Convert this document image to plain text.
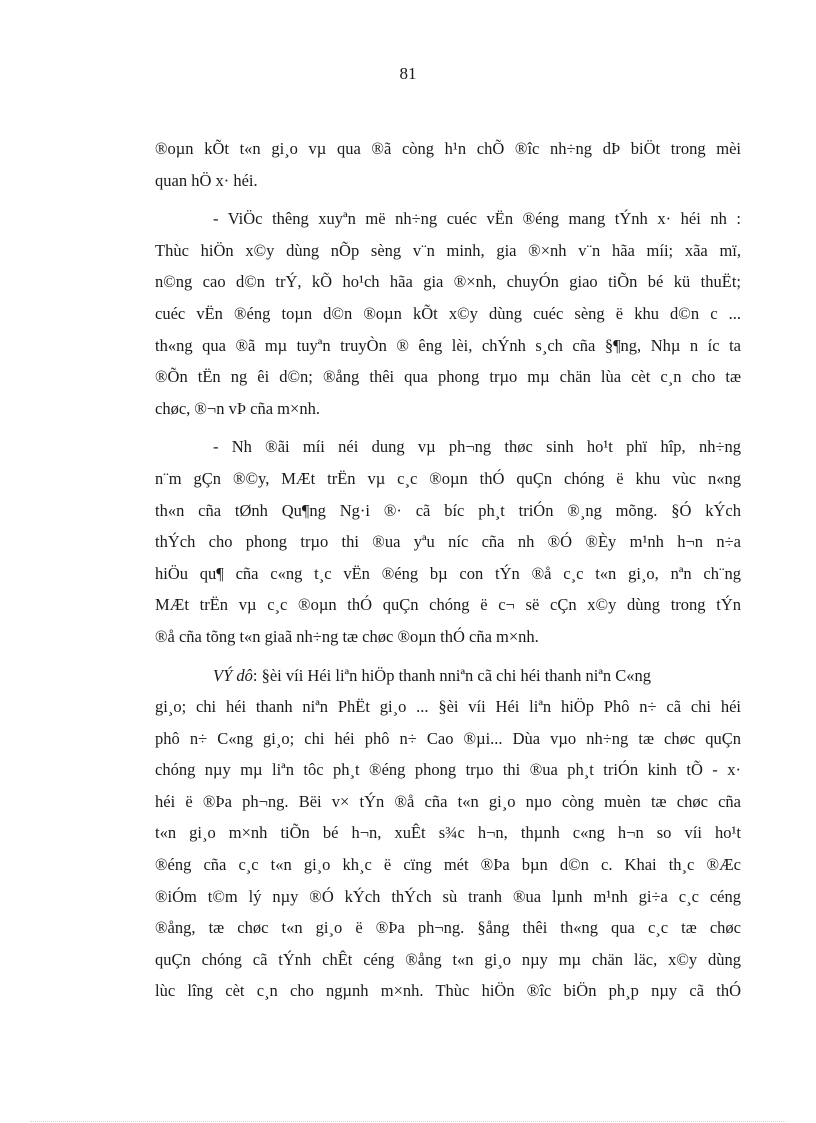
81
®oµn kÕt t«n gi¸o vµ qua ®ã còng h¹n chÕ ®îc nh÷ng dÞ biÖt trong mèi
quan hÖ x· héi.
- ViÖc thêng xuyªn më nh÷ng cuéc vËn ®éng mang tÝnh x· héi nh :
Thùc hiÖn x©y dùng nÕp sèng v¨n minh, gia ®×nh v¨n hãa míi; xãa mï,
n©ng cao d©n trÝ, kÕ ho¹ch hãa gia ®×nh, chuyÓn giao tiÕn bé kü thuËt;
cuéc vËn ®éng toµn d©n ®oµn kÕt x©y dùng cuéc sèng ë khu d©n c ...
th«ng qua ®ã mµ tuyªn truyÒn ® êng lèi, chÝnh s¸ch cña §¶ng, Nhµ n íc ta
®Õn tËn ng êi d©n; ®ång thêi qua phong trµo mµ chän lùa cèt c¸n cho tæ
chøc, ®¬n vÞ cña m×nh.
- Nh ®ãi míi néi dung vµ ph¬ng thøc sinh ho¹t phï hîp, nh÷ng
n¨m gÇn ®©y, MÆt trËn vµ c¸c ®oµn thÓ quÇn chóng ë khu vùc n«ng
th«n cña tØnh Qu¶ng Ng·i ®· cã bíc ph¸t triÓn ®¸ng mõng. §Ó kÝch
thÝch cho phong trµo thi ®ua yªu níc cña nh ®Ó ®Èy m¹nh h¬n n÷a
hiÖu qu¶ cña c«ng t¸c vËn ®éng bµ con tÝn ®å c¸c t«n gi¸o, nªn ch¨ng
MÆt trËn vµ c¸c ®oµn thÓ quÇn chóng ë c¬ së cÇn x©y dùng trong tÝn
®å cña tõng t«n giaã nh÷ng tæ chøc ®oµn thÓ cña m×nh.
VÝ dô: §èi víi Héi liªn hiÖp thanh nniªn cã chi héi thanh niªn C«ng
gi¸o; chi héi thanh niªn PhËt gi¸o ... §èi víi Héi liªn hiÖp Phô n÷ cã chi héi
phô n÷ C«ng gi¸o; chi héi phô n÷ Cao ®µi... Dùa vµo nh÷ng tæ chøc quÇn
chóng nµy mµ liªn tôc ph¸t ®éng phong trµo thi ®ua ph¸t triÓn kinh tÕ - x·
héi ë ®Þa ph¬ng. Bëi v× tÝn ®å cña t«n gi¸o nµo còng muèn tæ chøc cña
t«n gi¸o m×nh tiÕn bé h¬n, xuÊt s¾c h¬n, thµnh c«ng h¬n so víi ho¹t
®éng cña c¸c t«n gi¸o kh¸c ë cïng mét ®Þa bµn d©n c. Khai th¸c ®Æc
®iÓm t©m lý nµy ®Ó kÝch thÝch sù tranh ®ua lµnh m¹nh gi÷a c¸c céng
®ång, tæ chøc t«n gi¸o ë ®Þa ph¬ng. §ång thêi th«ng qua c¸c tæ chøc
quÇn chóng cã tÝnh chÊt céng ®ång t«n gi¸o nµy mµ chän läc, x©y dùng
lùc lîng cèt c¸n cho ngµnh m×nh. Thùc hiÖn ®îc biÖn ph¸p nµy cã thÓ
